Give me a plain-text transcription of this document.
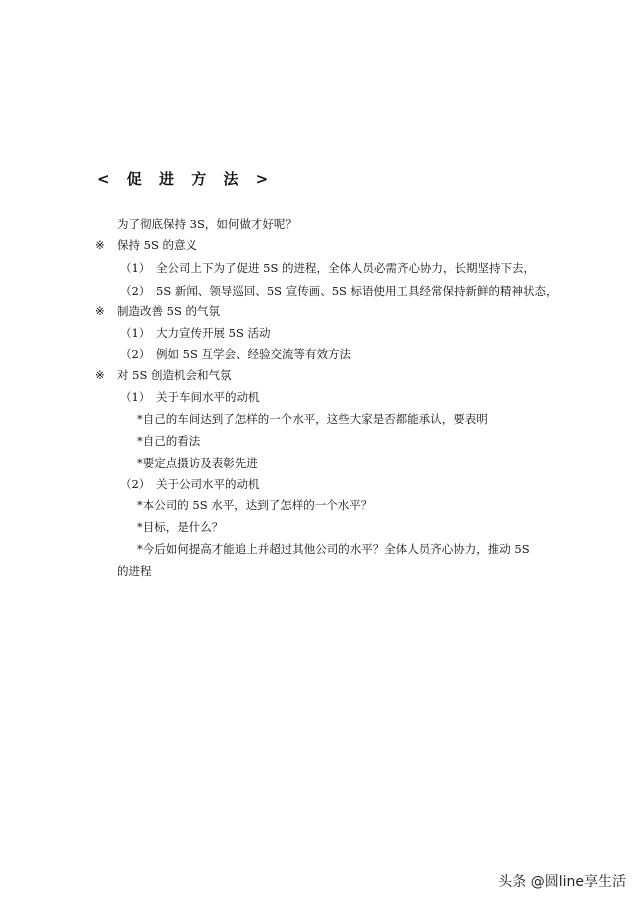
< 促 进 方 法 >
为了彻底保持 3S，如何做才好呢？
※ 保持 5S 的意义
（1） 全公司上下为了促进 5S 的进程，全体人员必需齐心协力，长期坚持下去，
（2） 5S 新闻、领导巡回、5S 宣传画、5S 标语使用工具经常保持新鲜的精神状态，
※ 制造改善 5S 的气氛
（1） 大力宣传开展 5S 活动
（2） 例如 5S 互学会、经验交流等有效方法
※ 对 5S 创造机会和气氛
（1） 关于车间水平的动机
*自己的车间达到了怎样的一个水平，这些大家是否都能承认，要表明
*自己的看法
*要定点摄访及表彰先进
（2） 关于公司水平的动机
*本公司的 5S 水平，达到了怎样的一个水平？
*目标，是什么？
*今后如何提高才能追上并超过其他公司的水平？全体人员齐心协力，推动 5S
的进程
头条 @圆line享生活
